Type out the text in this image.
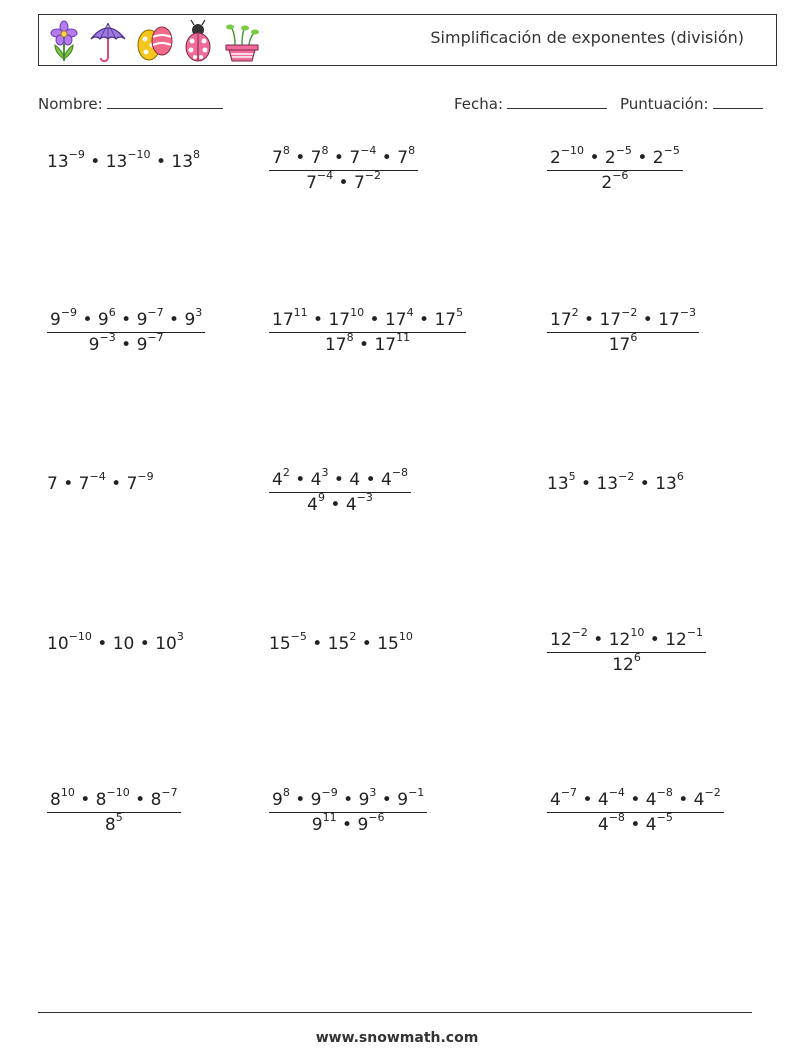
Simplificación de exponentes (división)
Nombre:	Fecha:	Puntuación:
$13^{-9}$ • $13^{-10}$ • $13^8$	$\frac{7^8 • 7^8 • 7^{-4} • 7^8}{7^{-4} • 7^{-2}}$	$\frac{2^{-10} • 2^{-5} • 2^{-5}}{2^{-6}}$
$\frac{9^{-9} • 9^6 • 9^{-7} • 9^3}{9^{-3} • 9^{-7}}$	$\frac{17^{11} • 17^{10} • 17^4 • 17^5}{17^8 • 17^{11}}$	$\frac{17^2 • 17^{-2} • 17^{-3}}{17^6}$
7 • $7^{-4}$ • $7^{-9}$	$\frac{4^2 • 4^3 • 4 • 4^{-8}}{4^9 • 4^{-3}}$	$13^5$ • $13^{-2}$ • $13^6$
$10^{-10}$ • 10 • $10^3$	$15^{-5}$ • $15^2$ • $15^{10}$	$\frac{12^{-2} • 12^{10} • 12^{-1}}{12^6}$
$\frac{8^{10} • 8^{-10} • 8^{-7}}{8^5}$	$\frac{9^8 • 9^{-9} • 9^3 • 9^{-1}}{9^{11} • 9^{-6}}$	$\frac{4^{-7} • 4^{-4} • 4^{-8} • 4^{-2}}{4^{-8} • 4^{-5}}$
www.snowmath.com
